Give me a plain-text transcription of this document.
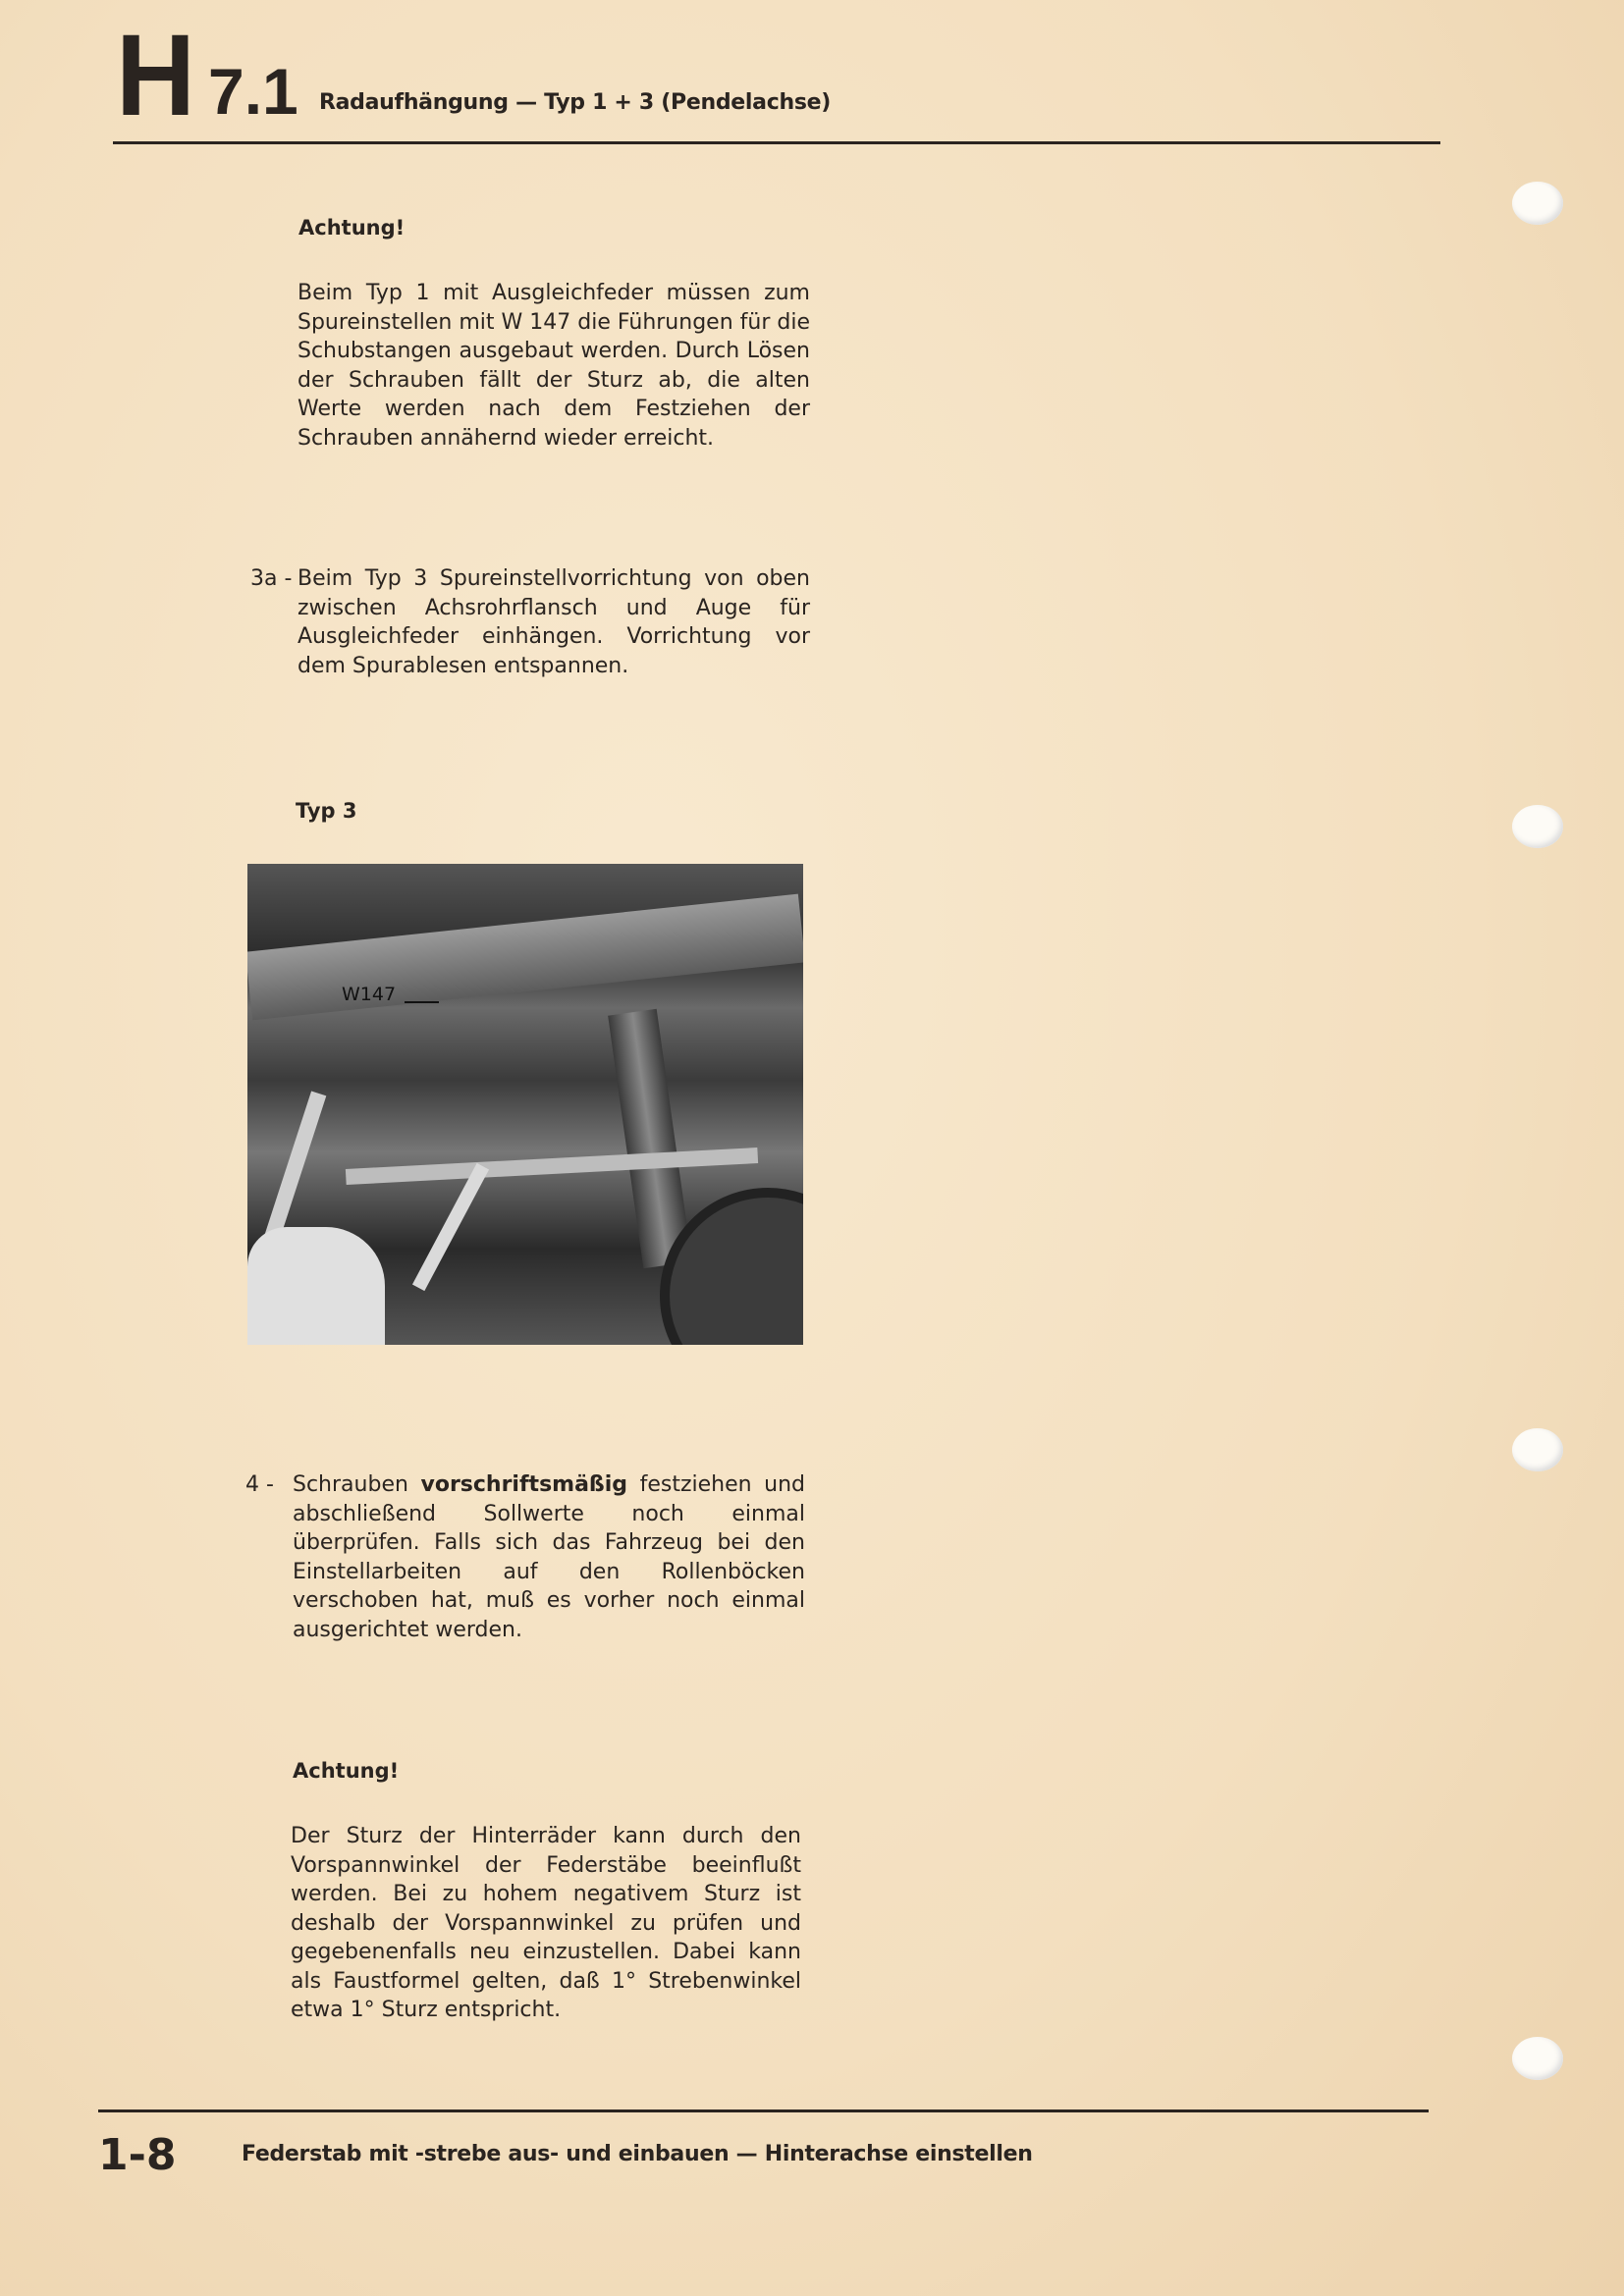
H 7.1 Radaufhängung — Typ 1 + 3 (Pendelachse)
Achtung!
Beim Typ 1 mit Ausgleichfeder müssen zum Spureinstellen mit W 147 die Führungen für die Schubstangen ausgebaut werden. Durch Lösen der Schrauben fällt der Sturz ab, die alten Werte werden nach dem Festziehen der Schrauben annähernd wieder erreicht.
3a - Beim Typ 3 Spureinstellvorrichtung von oben zwischen Achsrohrflansch und Auge für Ausgleichfeder einhängen. Vorrichtung vor dem Spurablesen entspannen.
Typ 3
W147
4 - Schrauben vorschriftsmäßig festziehen und abschließend Sollwerte noch einmal überprüfen. Falls sich das Fahrzeug bei den Einstellarbeiten auf den Rollenböcken verschoben hat, muß es vorher noch einmal ausgerichtet werden.
Achtung!
Der Sturz der Hinterräder kann durch den Vorspannwinkel der Federstäbe beeinflußt werden. Bei zu hohem negativem Sturz ist deshalb der Vorspannwinkel zu prüfen und gegebenenfalls neu einzustellen. Dabei kann als Faustformel gelten, daß 1° Strebenwinkel etwa 1° Sturz entspricht.
1-8	Federstab mit -strebe aus- und einbauen — Hinterachse einstellen
